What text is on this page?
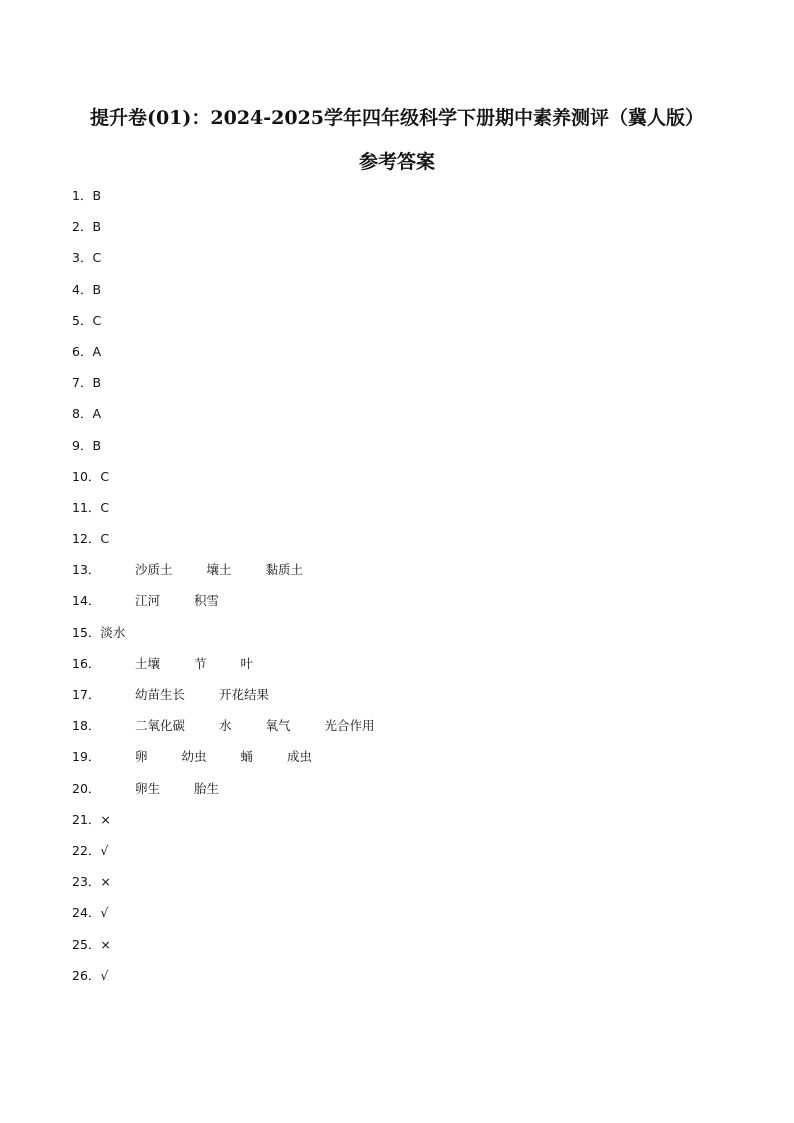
提升卷(01)：2024-2025学年四年级科学下册期中素养测评（冀人版）
参考答案
1．B
2．B
3．C
4．B
5．C
6．A
7．B
8．A
9．B
10．C
11．C
12．C
13．	沙质土	壤土	黏质土
14．	江河	积雪
15．淡水
16．	土壤	节	叶
17．	幼苗生长	开花结果
18．	二氧化碳	水	氧气	光合作用
19．	卵	幼虫	蛹	成虫
20．	卵生	胎生
21．×
22．√
23．×
24．√
25．×
26．√
